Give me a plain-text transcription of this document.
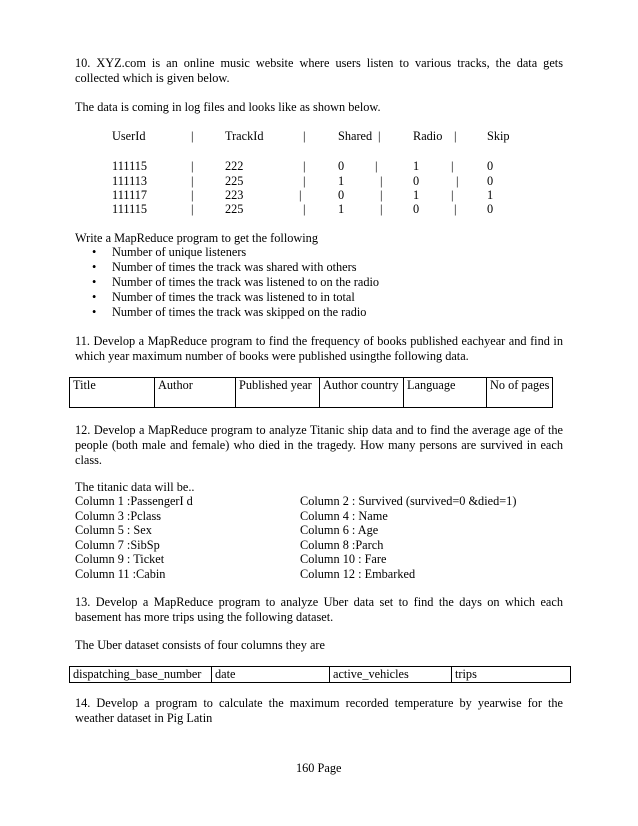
10. XYZ.com is an online music website where users listen to various tracks, the data gets collected which is given below.

The data is coming in log files and looks like as shown below.

UserId	|	TrackId	|	Shared |	Radio | Skip
111115	|	222	|	0	|	1	|	0
111113	|	225	|	1	| 0	| 0
111117	|	223	|	0	| 1	|	1
111115	|	225	|	1	| 0	| 0
Write a MapReduce program to get the following
• Number of unique listeners
• Number of times the track was shared with others
• Number of times the track was listened to on the radio
• Number of times the track was listened to in total
• Number of times the track was skipped on the radio

11. Develop a MapReduce program to find the frequency of books published eachyear and find in which year maximum number of books were published usingthe following data.

Title	Author	Published year	Author country	Language	No of pages

12. Develop a MapReduce program to analyze Titanic ship data and to find the average age of the people (both male and female) who died in the tragedy. How many persons are survived in each class.

The titanic data will be..
Column 1 :PassengerI d
Column 3 :Pclass
Column 5 : Sex
Column 7 :SibSp
Column 9 : Ticket
Column 11 :Cabin
Column 2 : Survived (survived=0 &died=1)
Column 4 : Name
Column 6 : Age
Column 8 :Parch
Column 10 : Fare
Column 12 : Embarked

13. Develop a MapReduce program to analyze Uber data set to find the days on which each basement has more trips using the following dataset.

The Uber dataset consists of four columns they are
dispatching_base_number	date	active_vehicles	trips

14. Develop a program to calculate the maximum recorded temperature by yearwise for the weather dataset in Pig Latin

160 Page
